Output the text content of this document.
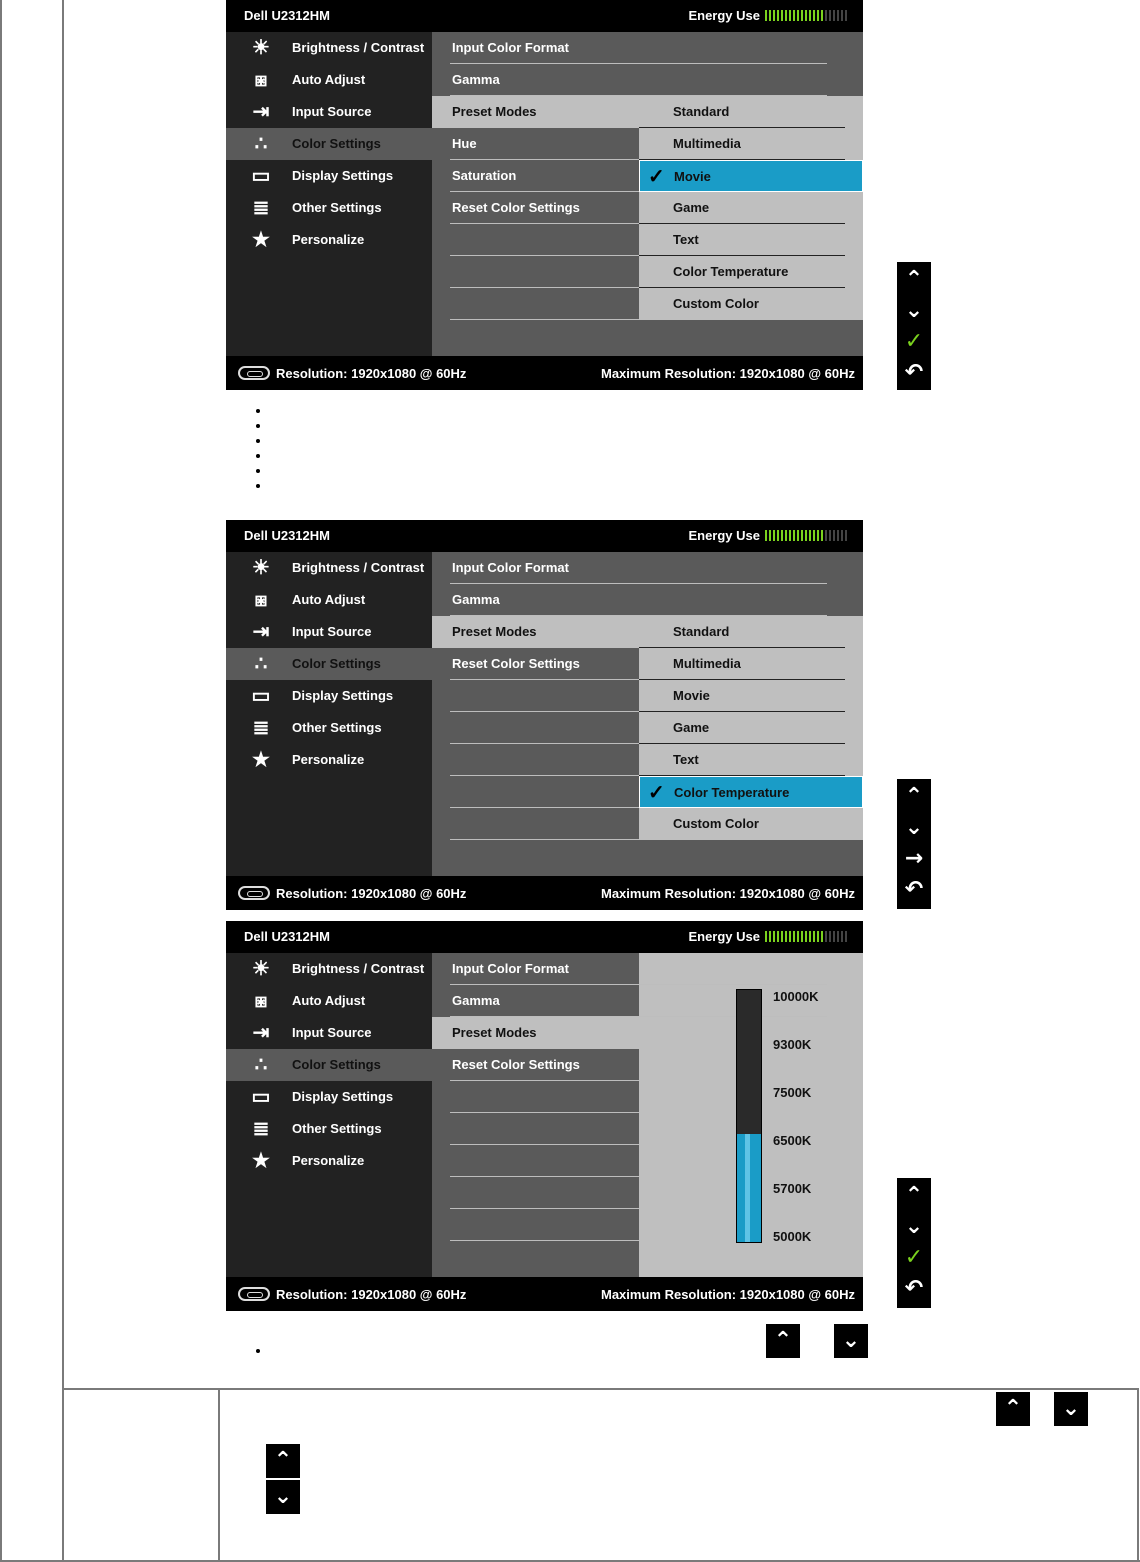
Dell U2312HM	Energy Use
☀	Brightness / Contrast
⧆	Auto Adjust
⇥	Input Source
∴	Color Settings
▭	Display Settings
≣	Other Settings
★	Personalize
Input Color Format
Gamma
Preset Modes
Hue
Saturation
Reset Color Settings
Standard
Multimedia
✓ Movie
Game
Text
Color Temperature
Custom Color
Resolution: 1920x1080 @ 60Hz	Maximum Resolution: 1920x1080 @ 60Hz
⌃
⌄
✓
↶
Dell U2312HM	Energy Use
☀	Brightness / Contrast
⧆	Auto Adjust
⇥	Input Source
∴	Color Settings
▭	Display Settings
≣	Other Settings
★	Personalize
Input Color Format
Gamma
Preset Modes
Reset Color Settings
Standard
Multimedia
Movie
Game
Text
✓ Color Temperature
Custom Color
Resolution: 1920x1080 @ 60Hz	Maximum Resolution: 1920x1080 @ 60Hz
⌃
⌄
→
↶
Dell U2312HM	Energy Use
☀	Brightness / Contrast
⧆	Auto Adjust
⇥	Input Source
∴	Color Settings
▭	Display Settings
≣	Other Settings
★	Personalize
Input Color Format
Gamma
Preset Modes
Reset Color Settings
10000K
9300K
7500K
6500K
5700K
5000K
Resolution: 1920x1080 @ 60Hz	Maximum Resolution: 1920x1080 @ 60Hz
⌃
⌄
✓
↶
⌃	⌄
⌃	⌄
⌃
⌄
